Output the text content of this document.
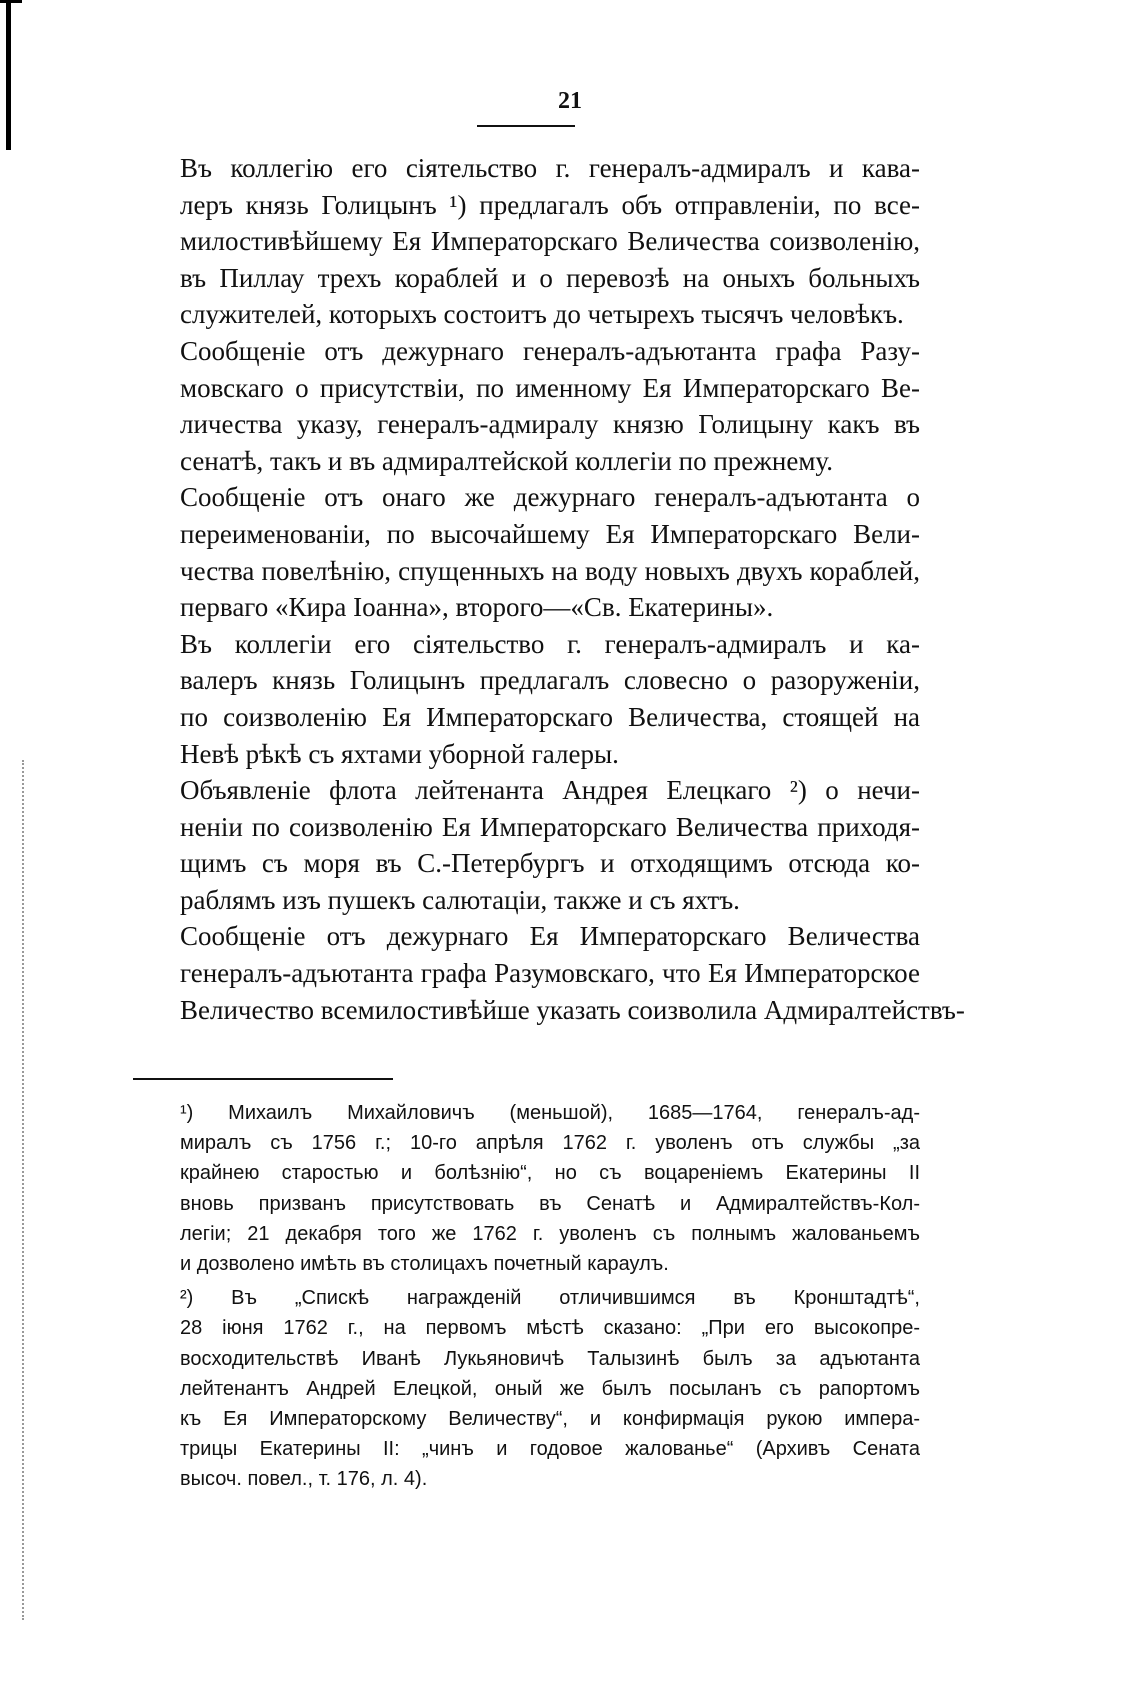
21

Въ коллегію его сіятельство г. генералъ-адмиралъ и кава-
леръ князь Голицынъ ¹) предлагалъ объ отправленіи, по все-
милостивѣйшему Ея Императорскаго Величества соизволенію,
въ Пиллау трехъ кораблей и о перевозѣ на оныхъ больныхъ
служителей, которыхъ состоитъ до четырехъ тысячъ человѣкъ.

Сообщеніе отъ дежурнаго генералъ-адъютанта графа Разу-
мовскаго о присутствіи, по именному Ея Императорскаго Ве-
личества указу, генералъ-адмиралу князю Голицыну какъ въ
сенатѣ, такъ и въ адмиралтейской коллегіи по прежнему.

Сообщеніе отъ онаго же дежурнаго генералъ-адъютанта о
переименованіи, по высочайшему Ея Императорскаго Вели-
чества повелѣнію, спущенныхъ на воду новыхъ двухъ кораблей,
перваго «Кира Іоанна», второго—«Св. Екатерины».

Въ коллегіи его сіятельство г. генералъ-адмиралъ и ка-
валеръ князь Голицынъ предлагалъ словесно о разоруженіи,
по соизволенію Ея Императорскаго Величества, стоящей на
Невѣ рѣкѣ съ яхтами уборной галеры.

Объявленіе флота лейтенанта Андрея Елецкаго ²) о нечи-
неніи по соизволенію Ея Императорскаго Величества приходя-
щимъ съ моря въ С.-Петербургъ и отходящимъ отсюда ко-
раблямъ изъ пушекъ салютаціи, также и съ яхтъ.

Сообщеніе отъ дежурнаго Ея Императорскаго Величества
генералъ-адъютанта графа Разумовскаго, что Ея Императорское
Величество всемилостивѣйше указать соизволила Адмиралтействъ-

¹) Михаилъ Михайловичъ (меньшой), 1685—1764, генералъ-ад-
миралъ съ 1756 г.; 10-го апрѣля 1762 г. уволенъ отъ службы „за
крайнею старостью и болѣзнію“, но съ воцареніемъ Екатерины II
вновь призванъ присутствовать въ Сенатѣ и Адмиралтействъ-Кол-
легіи; 21 декабря того же 1762 г. уволенъ съ полнымъ жалованьемъ
и дозволено имѣть въ столицахъ почетный караулъ.
²) Въ „Спискѣ награжденій отличившимся въ Кронштадтѣ“,
28 іюня 1762 г., на первомъ мѣстѣ сказано: „При его высокопре-
восходительствѣ Иванѣ Лукьяновичѣ Талызинѣ былъ за адъютанта
лейтенантъ Андрей Елецкой, оный же былъ посыланъ съ рапортомъ
къ Ея Императорскому Величеству“, и конфирмація рукою импера-
трицы Екатерины II: „чинъ и годовое жалованье“ (Архивъ Сената
высоч. повел., т. 176, л. 4).
